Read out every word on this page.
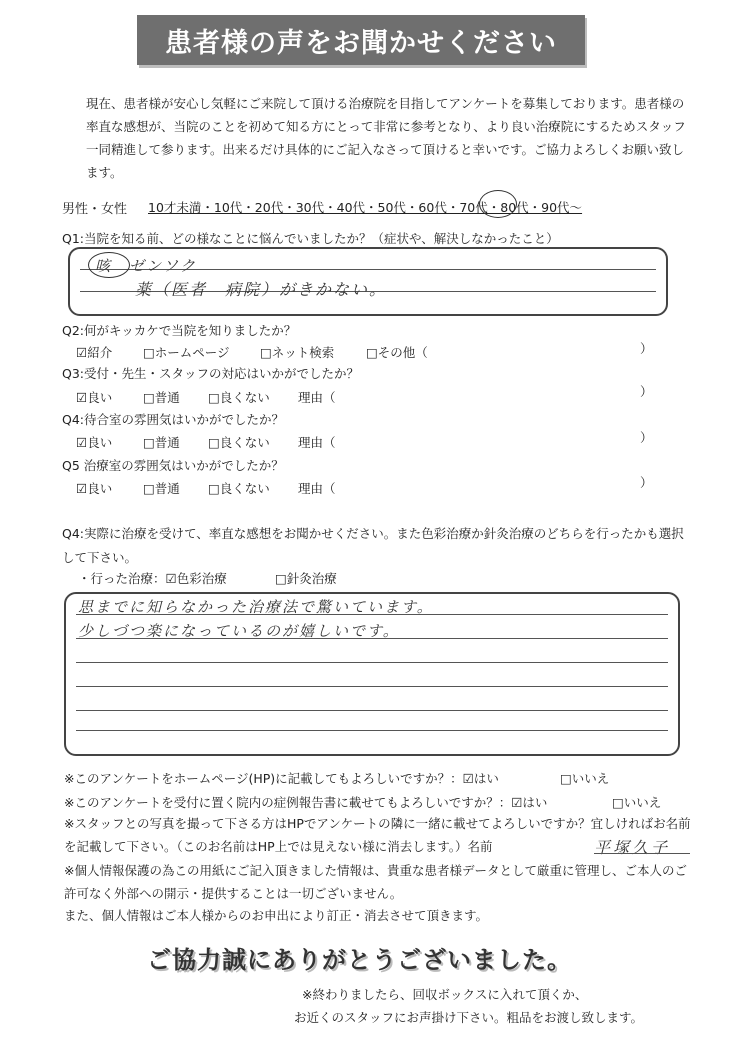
患者様の声をお聞かせください
現在、患者様が安心し気軽にご来院して頂ける治療院を目指してアンケートを募集しております。患者様の率直な感想が、当院のことを初めて知る方にとって非常に参考となり、より良い治療院にするためスタッフ一同精進して参ります。出来るだけ具体的にご記入なさって頂けると幸いです。ご協力よろしくお願い致します。
男性・女性 10才未満・10代・20代・30代・40代・50代・60代・70代・80代・90代〜
Q1:当院を知る前、どの様なことに悩んでいましたか？（症状や、解決しなかったこと）
咳　ゼンソク
薬（医者　病院）がきかない。
Q2:何がキッカケで当院を知りましたか？
☑紹介 □ホームページ □ネット検索	□その他（	）
Q3:受付・先生・スタッフの対応はいかがでしたか？
☑良い □普通 □良くない 理由（	）
Q4:待合室の雰囲気はいかがでしたか？
☑良い □普通 □良くない 理由（	）
Q5 治療室の雰囲気はいかがでしたか？
☑良い □普通 □良くない 理由（	）
Q4:実際に治療を受けて、率直な感想をお聞かせください。また色彩治療か針灸治療のどちらを行ったかも選択して下さい。
・行った治療：☑色彩治療	□針灸治療
思までに知らなかった治療法で驚いています。
少しづつ楽になっているのが嬉しいです。
※このアンケートをホームページ(HP)に記載してもよろしいですか？：☑はい	□いいえ
※このアンケートを受付に置く院内の症例報告書に載せてもよろしいですか？：☑はい	□いいえ
※スタッフとの写真を撮って下さる方はHPでアンケートの隣に一緒に載せてよろしいですか？宜しければお名前を記載して下さい。（このお名前はHP上では見えない様に消去します。）名前	平塚久子
※個人情報保護の為この用紙にご記入頂きました情報は、貴重な患者様データとして厳重に管理し、ご本人のご許可なく外部への開示・提供することは一切ございません。
また、個人情報はご本人様からのお申出により訂正・消去させて頂きます。
ご協力誠にありがとうございました。
※終わりましたら、回収ボックスに入れて頂くか、
お近くのスタッフにお声掛け下さい。粗品をお渡し致します。
